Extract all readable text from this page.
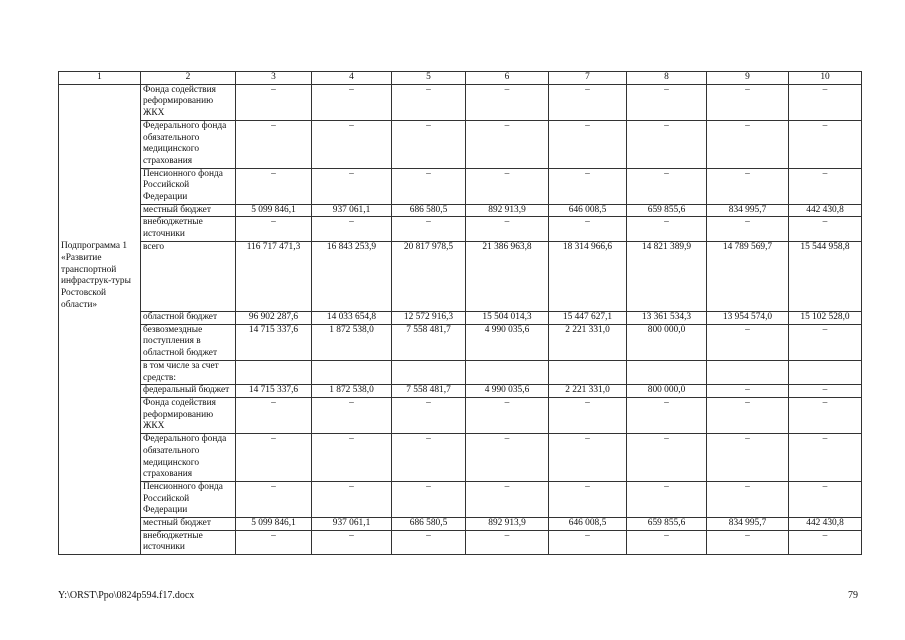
1	2	3	4	5	6	7	8	9	10
	Фонда содействия реформированию ЖКХ	–	–	–	–	–	–	–	–
	Федерального фонда обязательного медицинского страхования	–	–	–	–	–	–	–	–
	Пенсионного фонда Российской Федерации	–	–	–	–	–	–	–	–
	местный бюджет	5 099 846,1	937 061,1	686 580,5	892 913,9	646 008,5	659 855,6	834 995,7	442 430,8
	внебюджетные источники	–	–	–	–	–	–	–	–
Подпрограмма 1 «Развитие транспортной инфраструк-туры Ростовской области»	всего	116 717 471,3	16 843 253,9	20 817 978,5	21 386 963,8	18 314 966,6	14 821 389,9	14 789 569,7	15 544 958,8
	областной бюджет	96 902 287,6	14 033 654,8	12 572 916,3	15 504 014,3	15 447 627,1	13 361 534,3	13 954 574,0	15 102 528,0
	безвозмездные поступления в областной бюджет	14 715 337,6	1 872 538,0	7 558 481,7	4 990 035,6	2 221 331,0	800 000,0	–	–
	в том числе за счет средств:								
	федеральный бюджет	14 715 337,6	1 872 538,0	7 558 481,7	4 990 035,6	2 221 331,0	800 000,0	–	–
	Фонда содействия реформированию ЖКХ	–	–	–	–	–	–	–	–
	Федерального фонда обязательного медицинского страхования	–	–	–	–	–	–	–	–
	Пенсионного фонда Российской Федерации	–	–	–	–	–	–	–	–
	местный бюджет	5 099 846,1	937 061,1	686 580,5	892 913,9	646 008,5	659 855,6	834 995,7	442 430,8
	внебюджетные источники	–	–	–	–	–	–	–	–
Y:\ORST\Ppo\0824p594.f17.docx	79
